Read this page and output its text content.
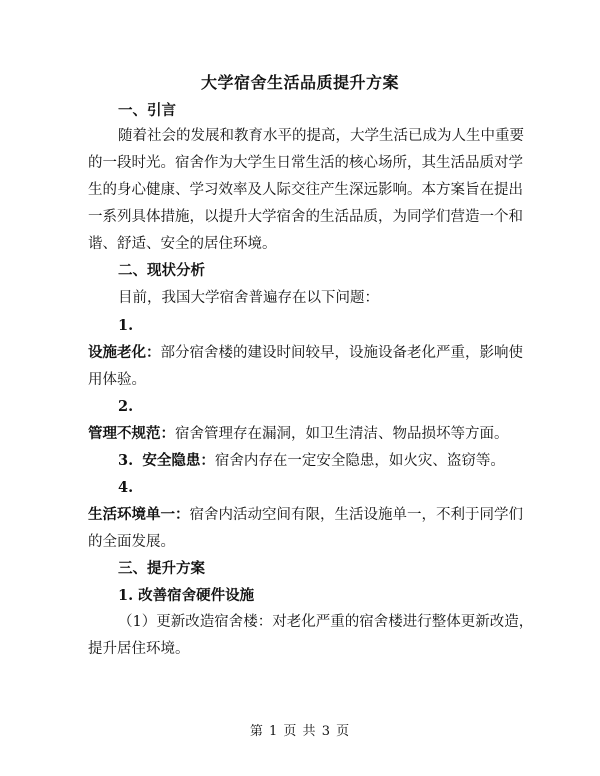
大学宿舍生活品质提升方案
一、引言
随着社会的发展和教育水平的提高，大学生活已成为人生中重要
的一段时光。宿舍作为大学生日常生活的核心场所，其生活品质对学
生的身心健康、学习效率及人际交往产生深远影响。本方案旨在提出
一系列具体措施，以提升大学宿舍的生活品质，为同学们营造一个和
谐、舒适、安全的居住环境。
二、现状分析
目前，我国大学宿舍普遍存在以下问题：
1.
设施老化：部分宿舍楼的建设时间较早，设施设备老化严重，影响使
用体验。
2.
管理不规范：宿舍管理存在漏洞，如卫生清洁、物品损坏等方面。
3. 安全隐患：宿舍内存在一定安全隐患，如火灾、盗窃等。
4.
生活环境单一：宿舍内活动空间有限，生活设施单一，不利于同学们
的全面发展。
三、提升方案
1. 改善宿舍硬件设施
（1）更新改造宿舍楼：对老化严重的宿舍楼进行整体更新改造，
提升居住环境。
第 1 页 共 3 页
